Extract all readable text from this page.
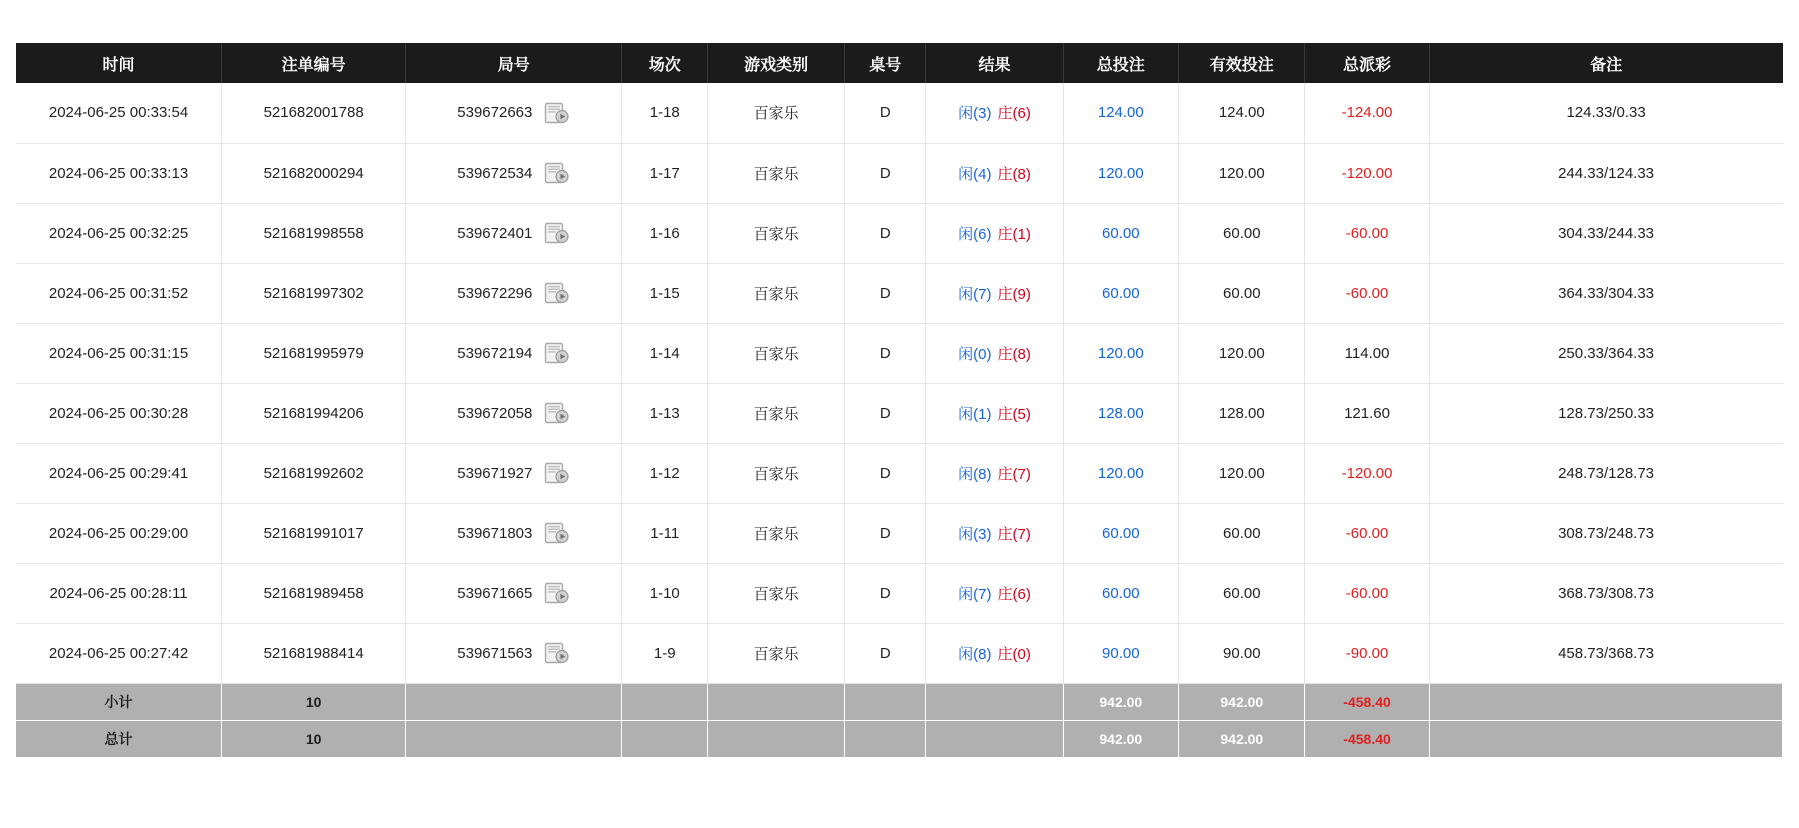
时间	注单编号	局号	场次	游戏类别	桌号	结果	总投注	有效投注	总派彩	备注
2024-06-25 00:33:54	521682001788	539672663	1-18	百家乐	D	闲(3) 庄(6)	124.00	124.00	-124.00	124.33/0.33
2024-06-25 00:33:13	521682000294	539672534	1-17	百家乐	D	闲(4) 庄(8)	120.00	120.00	-120.00	244.33/124.33
2024-06-25 00:32:25	521681998558	539672401	1-16	百家乐	D	闲(6) 庄(1)	60.00	60.00	-60.00	304.33/244.33
2024-06-25 00:31:52	521681997302	539672296	1-15	百家乐	D	闲(7) 庄(9)	60.00	60.00	-60.00	364.33/304.33
2024-06-25 00:31:15	521681995979	539672194	1-14	百家乐	D	闲(0) 庄(8)	120.00	120.00	114.00	250.33/364.33
2024-06-25 00:30:28	521681994206	539672058	1-13	百家乐	D	闲(1) 庄(5)	128.00	128.00	121.60	128.73/250.33
2024-06-25 00:29:41	521681992602	539671927	1-12	百家乐	D	闲(8) 庄(7)	120.00	120.00	-120.00	248.73/128.73
2024-06-25 00:29:00	521681991017	539671803	1-11	百家乐	D	闲(3) 庄(7)	60.00	60.00	-60.00	308.73/248.73
2024-06-25 00:28:11	521681989458	539671665	1-10	百家乐	D	闲(7) 庄(6)	60.00	60.00	-60.00	368.73/308.73
2024-06-25 00:27:42	521681988414	539671563	1-9	百家乐	D	闲(8) 庄(0)	90.00	90.00	-90.00	458.73/368.73
小计	10						942.00	942.00	-458.40	
总计	10						942.00	942.00	-458.40	
